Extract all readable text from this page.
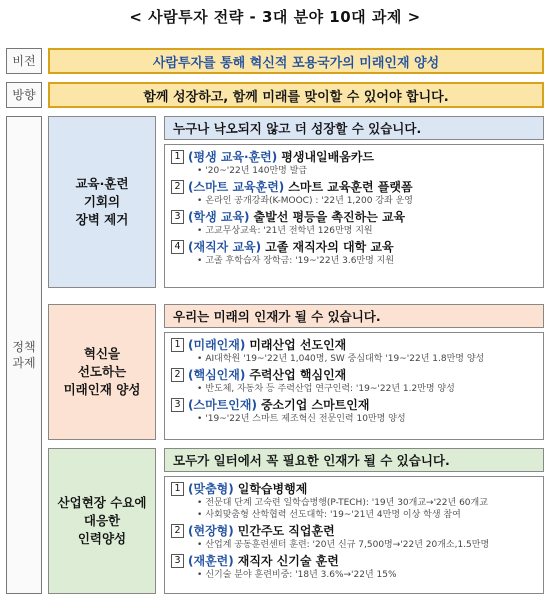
< 사람투자 전략 - 3대 분야 10대 과제 >
비전	사람투자를 통해 혁신적 포용국가의 미래인재 양성
방향	함께 성장하고, 함께 미래를 맞이할 수 있어야 합니다.
정책
과제
교육·훈련
기회의
장벽 제거
누구나 낙오되지 않고 더 성장할 수 있습니다.
1 (평생 교육·훈련) 평생내일배움카드
• '20~'22년 140만명 발급
2 (스마트 교육훈련) 스마트 교육훈련 플랫폼
• 온라인 공개강좌(K-MOOC) : '22년 1,200 강좌 운영
3 (학생 교육) 출발선 평등을 촉진하는 교육
• 고교무상교육: '21년 전학년 126만명 지원
4 (재직자 교육) 고졸 재직자의 대학 교육
• 고졸 후학습자 장학금: '19~'22년 3.6만명 지원
혁신을
선도하는
미래인재 양성
우리는 미래의 인재가 될 수 있습니다.
1 (미래인재) 미래산업 선도인재
• AI대학원 '19~'22년 1,040명, SW 중심대학 '19~'22년 1.8만명 양성
2 (핵심인재) 주력산업 핵심인재
• 반도체, 자동차 등 주력산업 연구인력: '19~'22년 1.2만명 양성
3 (스마트인재) 중소기업 스마트인재
• '19~'22년 스마트 제조혁신 전문인력 10만명 양성
산업현장 수요에
대응한
인력양성
모두가 일터에서 꼭 필요한 인재가 될 수 있습니다.
1 (맞춤형) 일학습병행제
• 전문대 단계 고숙련 일학습병행(P-TECH): '19년 30개교→'22년 60개교
• 사회맞춤형 산학협력 선도대학: '19~'21년 4만명 이상 학생 참여
2 (현장형) 민간주도 직업훈련
• 산업계 공동훈련센터 훈련: '20년 신규 7,500명→'22년 20개소,1.5만명
3 (재훈련) 재직자 신기술 훈련
• 신기술 분야 훈련비중: '18년 3.6%→'22년 15%
